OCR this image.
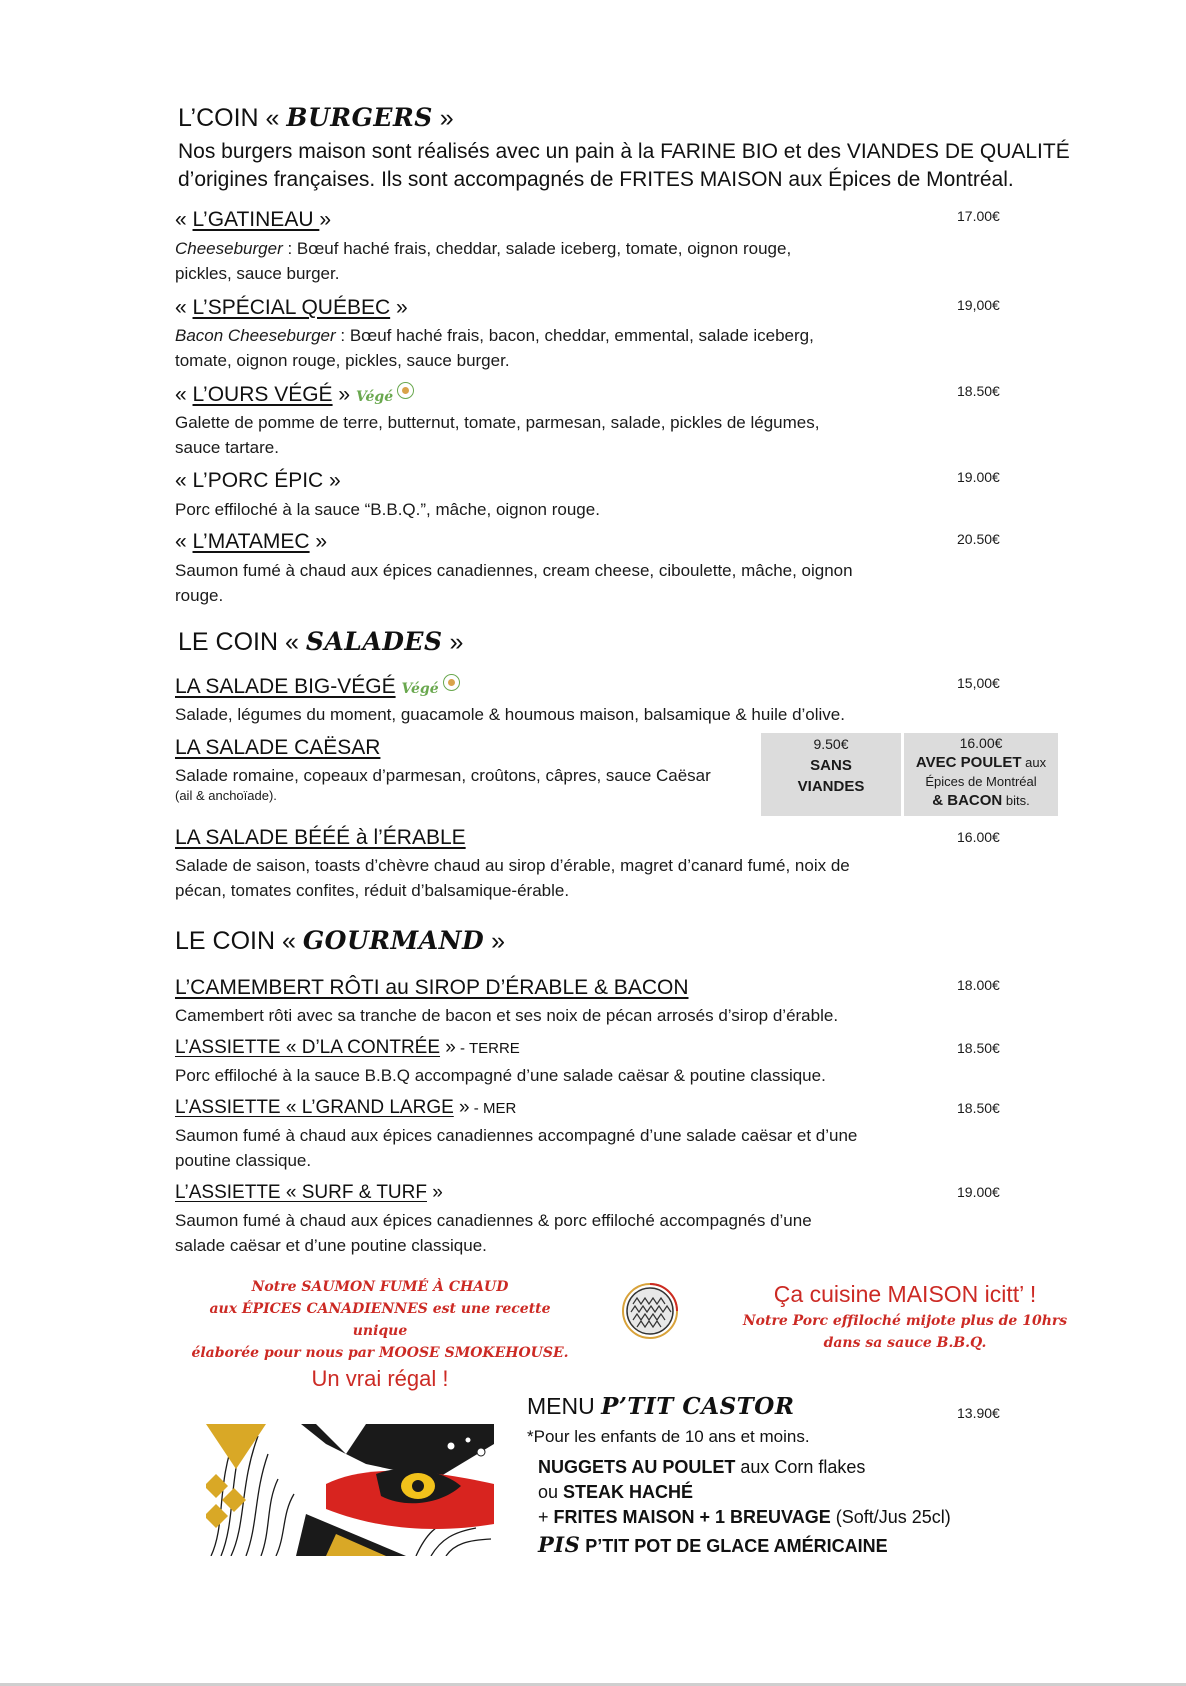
L’COIN « BURGERS »
Nos burgers maison sont réalisés avec un pain à la FARINE BIO et des VIANDES DE QUALITÉ
d’origines françaises. Ils sont accompagnés de FRITES MAISON aux Épices de Montréal.
« L’GATINEAU »	17.00€
Cheeseburger : Bœuf haché frais, cheddar, salade iceberg, tomate, oignon rouge,
pickles, sauce burger.
« L’SPÉCIAL QUÉBEC »	19,00€
Bacon Cheeseburger : Bœuf haché frais, bacon, cheddar, emmental, salade iceberg,
tomate, oignon rouge, pickles, sauce burger.
« L’OURS VÉGÉ » Végé	18.50€
Galette de pomme de terre, butternut, tomate, parmesan, salade, pickles de légumes,
sauce tartare.
« L’PORC ÉPIC »	19.00€
Porc effiloché à la sauce “B.B.Q.”, mâche, oignon rouge.
« L’MATAMEC »	20.50€
Saumon fumé à chaud aux épices canadiennes, cream cheese, ciboulette, mâche, oignon
rouge.
LE COIN « SALADES »
LA SALADE BIG-VÉGÉ Végé	15,00€
Salade, légumes du moment, guacamole & houmous maison, balsamique & huile d’olive.
LA SALADE CAËSAR
Salade romaine, copeaux d’parmesan, croûtons, câpres, sauce Caësar
(ail & anchoïade).
9.50€
SANS
VIANDES
16.00€
AVEC POULET aux
Épices de Montréal
& BACON bits.
LA SALADE BÉÉÉ à l’ÉRABLE	16.00€
Salade de saison, toasts d’chèvre chaud au sirop d’érable, magret d’canard fumé, noix de
pécan, tomates confites, réduit d’balsamique-érable.
LE COIN « GOURMAND »
L’CAMEMBERT RÔTI au SIROP D’ÉRABLE & BACON	18.00€
Camembert rôti avec sa tranche de bacon et ses noix de pécan arrosés d’sirop d’érable.
L’ASSIETTE « D’LA CONTRÉE » - TERRE	18.50€
Porc effiloché à la sauce B.B.Q accompagné d’une salade caësar & poutine classique.
L’ASSIETTE « L’GRAND LARGE » - MER	18.50€
Saumon fumé à chaud aux épices canadiennes accompagné d’une salade caësar et d’une
poutine classique.
L’ASSIETTE « SURF & TURF »	19.00€
Saumon fumé à chaud aux épices canadiennes & porc effiloché accompagnés d’une
salade caësar et d’une poutine classique.
Notre SAUMON FUMÉ À CHAUD
aux ÉPICES CANADIENNES est une recette unique
élaborée pour nous par MOOSE SMOKEHOUSE.
Un vrai régal !
Ça cuisine MAISON icitt’ !
Notre Porc effiloché mijote plus de 10hrs
dans sa sauce B.B.Q.
MENU P’TIT CASTOR	13.90€
*Pour les enfants de 10 ans et moins.
NUGGETS AU POULET aux Corn flakes
ou STEAK HACHÉ
+ FRITES MAISON + 1 BREUVAGE (Soft/Jus 25cl)
PIS P’TIT POT DE GLACE AMÉRICAINE
